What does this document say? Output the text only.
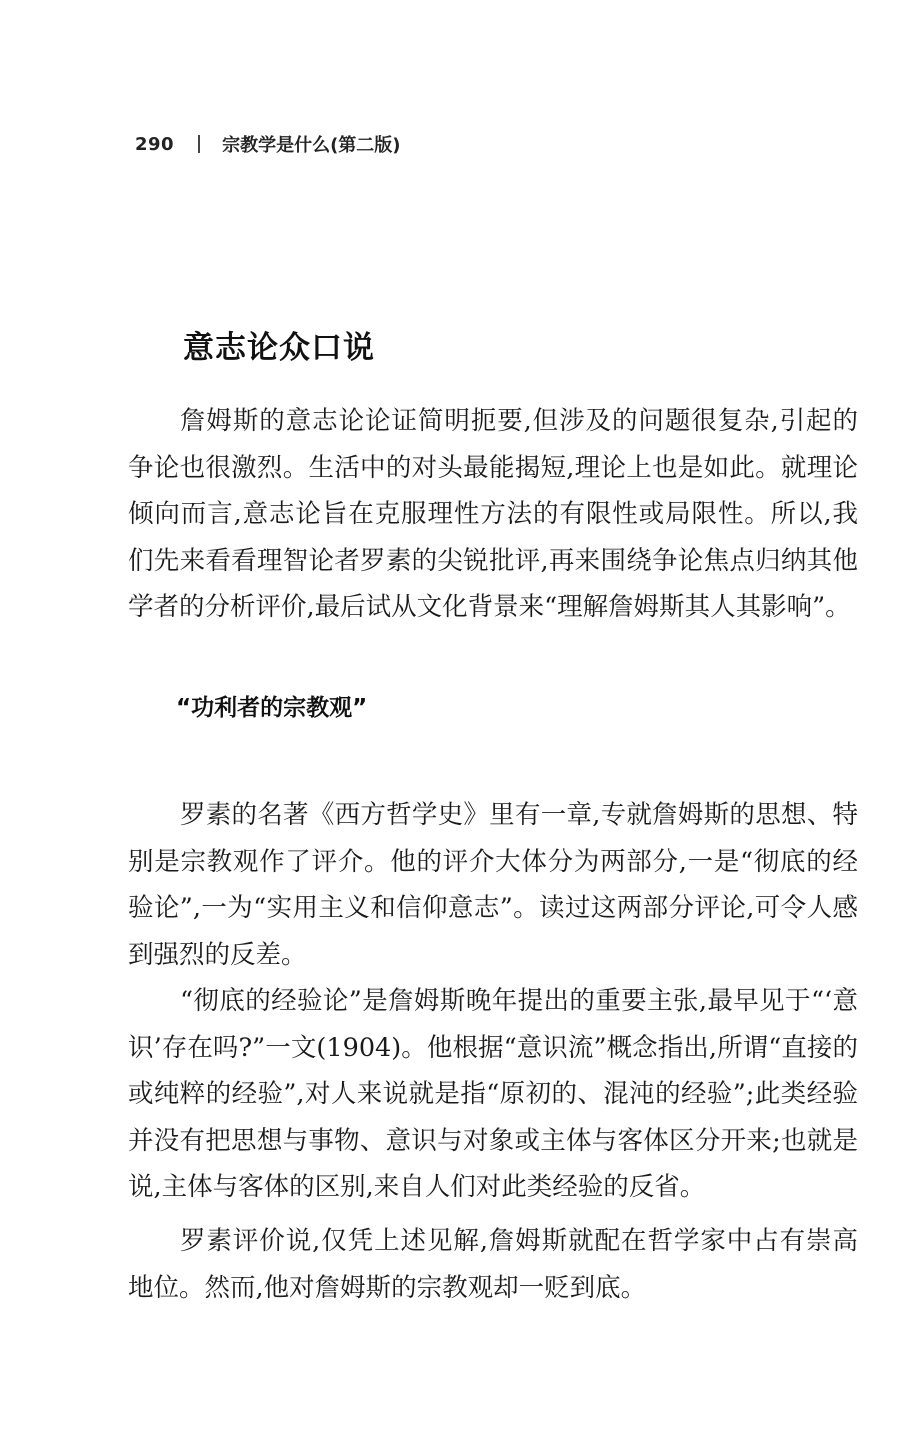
290	宗教学是什么(第二版)
意志论众口说

詹姆斯的意志论论证简明扼要,但涉及的问题很复杂,引起的争论也很激烈。生活中的对头最能揭短,理论上也是如此。就理论倾向而言,意志论旨在克服理性方法的有限性或局限性。所以,我们先来看看理智论者罗素的尖锐批评,再来围绕争论焦点归纳其他学者的分析评价,最后试从文化背景来“理解詹姆斯其人其影响”。

“功利者的宗教观”

罗素的名著《西方哲学史》里有一章,专就詹姆斯的思想、特别是宗教观作了评介。他的评介大体分为两部分,一是“彻底的经验论”,一为“实用主义和信仰意志”。读过这两部分评论,可令人感到强烈的反差。

“彻底的经验论”是詹姆斯晚年提出的重要主张,最早见于“‘意识’存在吗?”一文(1904)。他根据“意识流”概念指出,所谓“直接的或纯粹的经验”,对人来说就是指“原初的、混沌的经验”;此类经验并没有把思想与事物、意识与对象或主体与客体区分开来;也就是说,主体与客体的区别,来自人们对此类经验的反省。

罗素评价说,仅凭上述见解,詹姆斯就配在哲学家中占有崇高地位。然而,他对詹姆斯的宗教观却一贬到底。
